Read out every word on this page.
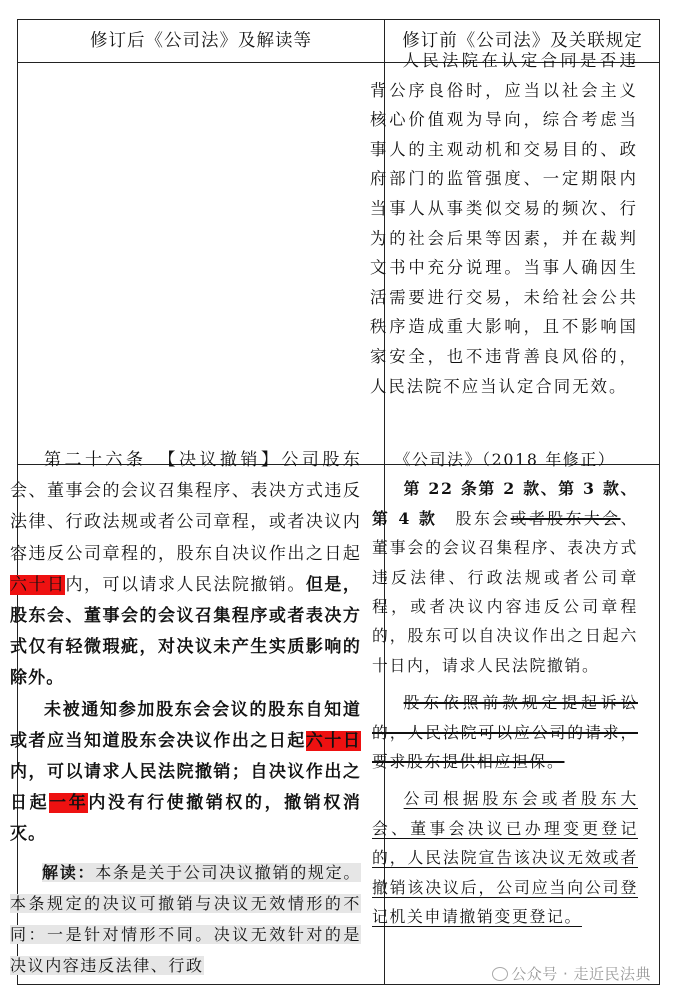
修订后《公司法》及解读等	修订前《公司法》及关联规定

人民法院在认定合同是否违背公序良俗时，应当以社会主义核心价值观为导向，综合考虑当事人的主观动机和交易目的、政府部门的监管强度、一定期限内当事人从事类似交易的频次、行为的社会后果等因素，并在裁判文书中充分说理。当事人确因生活需要进行交易，未给社会公共秩序造成重大影响，且不影响国家安全，也不违背善良风俗的，人民法院不应当认定合同无效。

第二十六条　【决议撤销】公司股东会、董事会的会议召集程序、表决方式违反法律、行政法规或者公司章程，或者决议内容违反公司章程的，股东自决议作出之日起六十日内，可以请求人民法院撤销。但是，股东会、董事会的会议召集程序或者表决方式仅有轻微瑕疵，对决议未产生实质影响的除外。

未被通知参加股东会会议的股东自知道或者应当知道股东会决议作出之日起六十日内，可以请求人民法院撤销；自决议作出之日起一年内没有行使撤销权的，撤销权消灭。

解读：本条是关于公司决议撤销的规定。本条规定的决议可撤销与决议无效情形的不同：一是针对情形不同。决议无效针对的是决议内容违反法律、行政

《公司法》（2018 年修正）

第 22 条第 2 款、第 3 款、第 4 款　股东会或者股东大会、董事会的会议召集程序、表决方式违反法律、行政法规或者公司章程，或者决议内容违反公司章程的，股东可以自决议作出之日起六十日内，请求人民法院撤销。

股东依照前款规定提起诉讼的，人民法院可以应公司的请求，要求股东提供相应担保。

公司根据股东会或者股东大会、董事会决议已办理变更登记的，人民法院宣告该决议无效或者撤销该决议后，公司应当向公司登记机关申请撤销变更登记。

公众号 · 走近民法典
